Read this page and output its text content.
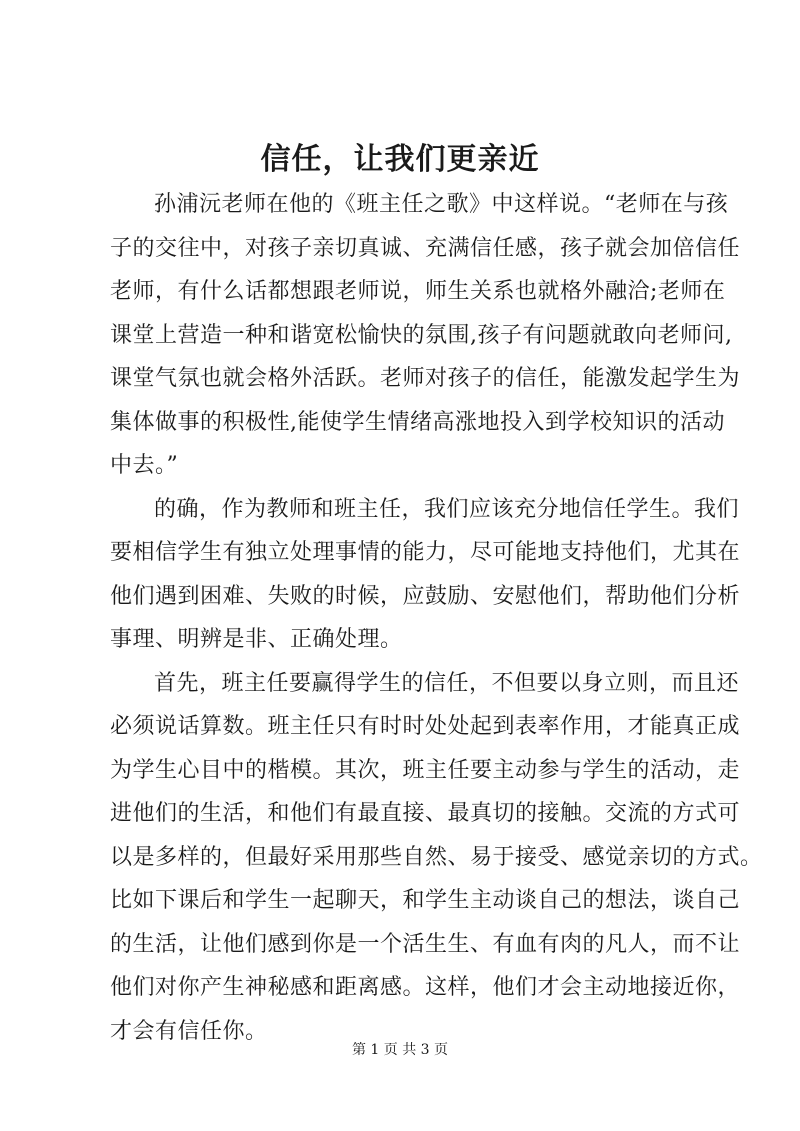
信任，让我们更亲近

孙浦沅老师在他的《班主任之歌》中这样说。“老师在与孩
子的交往中，对孩子亲切真诚、充满信任感，孩子就会加倍信任
老师，有什么话都想跟老师说，师生关系也就格外融洽;老师在
课堂上营造一种和谐宽松愉快的氛围,孩子有问题就敢向老师问,
课堂气氛也就会格外活跃。老师对孩子的信任，能激发起学生为
集体做事的积极性,能使学生情绪高涨地投入到学校知识的活动
中去。”

的确，作为教师和班主任，我们应该充分地信任学生。我们
要相信学生有独立处理事情的能力，尽可能地支持他们，尤其在
他们遇到困难、失败的时候，应鼓励、安慰他们，帮助他们分析
事理、明辨是非、正确处理。

首先，班主任要赢得学生的信任，不但要以身立则，而且还
必须说话算数。班主任只有时时处处起到表率作用，才能真正成
为学生心目中的楷模。其次，班主任要主动参与学生的活动，走
进他们的生活，和他们有最直接、最真切的接触。交流的方式可
以是多样的，但最好采用那些自然、易于接受、感觉亲切的方式。
比如下课后和学生一起聊天，和学生主动谈自己的想法，谈自己
的生活，让他们感到你是一个活生生、有血有肉的凡人，而不让
他们对你产生神秘感和距离感。这样，他们才会主动地接近你，
才会有信任你。

第 1 页 共 3 页
